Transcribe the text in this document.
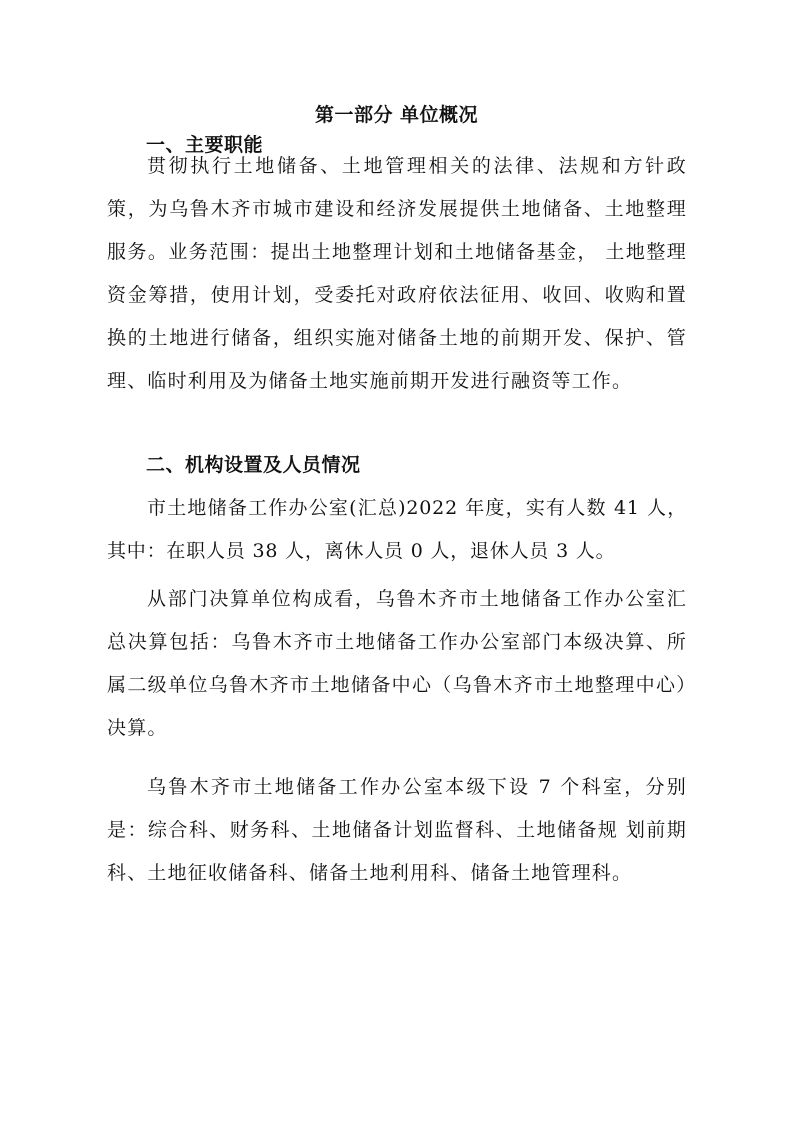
第一部分 单位概况
一、主要职能

贯彻执行土地储备、土地管理相关的法律、法规和方针政策，为乌鲁木齐市城市建设和经济发展提供土地储备、土地整理服务。业务范围：提出土地整理计划和土地储备基金， 土地整理资金筹措，使用计划，受委托对政府依法征用、收回、收购和置换的土地进行储备，组织实施对储备土地的前期开发、保护、管理、临时利用及为储备土地实施前期开发进行融资等工作。

二、机构设置及人员情况

市土地储备工作办公室(汇总)2022 年度，实有人数 41 人，其中：在职人员 38 人，离休人员 0 人，退休人员 3 人。

从部门决算单位构成看，乌鲁木齐市土地储备工作办公室汇总决算包括：乌鲁木齐市土地储备工作办公室部门本级决算、所属二级单位乌鲁木齐市土地储备中心（乌鲁木齐市土地整理中心）决算。

乌鲁木齐市土地储备工作办公室本级下设 7 个科室，分别是：综合科、财务科、土地储备计划监督科、土地储备规 划前期科、土地征收储备科、储备土地利用科、储备土地管理科。
